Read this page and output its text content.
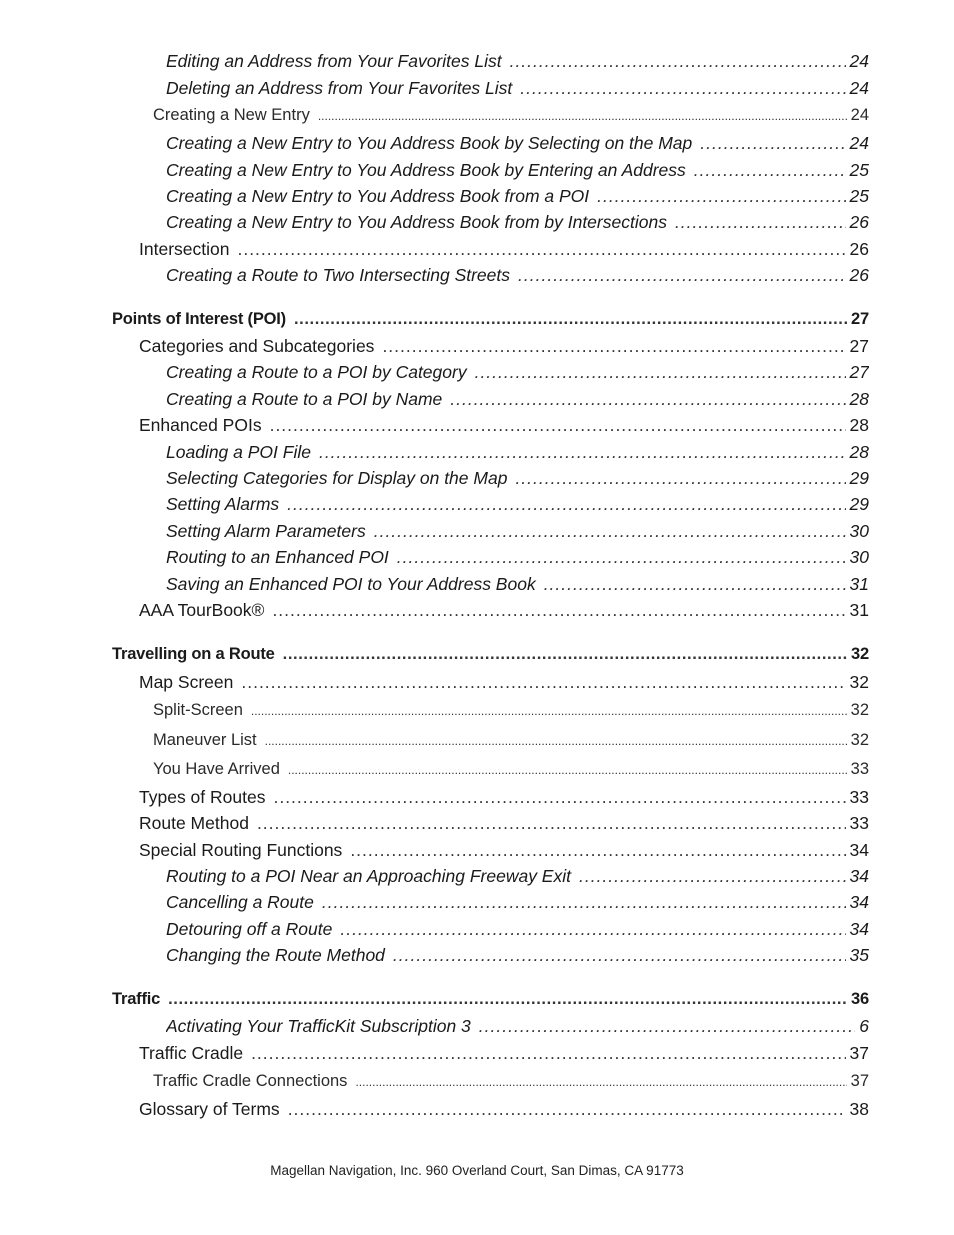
Editing an Address from Your Favorites List .....	24
Deleting an Address from Your Favorites List .....	24
Creating a New Entry .....	24
Creating a New Entry to You Address Book by Selecting on the Map .....	24
Creating a New Entry to You Address Book by Entering an Address .....	25
Creating a New Entry to You Address Book from a POI .....	25
Creating a New Entry to You Address Book from by Intersections .....	26
Intersection .....	26
Creating a Route to Two Intersecting Streets .....	26
Points of Interest (POI) .....	27
Categories and Subcategories .....	27
Creating a Route to a POI by Category .....	27
Creating a Route to a POI by Name .....	28
Enhanced POIs .....	28
Loading a POI File .....	28
Selecting Categories for Display on the Map .....	29
Setting Alarms .....	29
Setting Alarm Parameters .....	30
Routing to an Enhanced POI .....	30
Saving an Enhanced POI to Your Address Book .....	31
AAA TourBook® .....	31
Travelling on a Route .....	32
Map Screen .....	32
Split-Screen .....	32
Maneuver List .....	32
You Have Arrived .....	33
Types of Routes .....	33
Route Method .....	33
Special Routing Functions .....	34
Routing to a POI Near an Approaching Freeway Exit .....	34
Cancelling a Route .....	34
Detouring off a Route .....	34
Changing the Route Method .....	35
Traffic .....	36
Activating Your TrafficKit Subscription 3 .....	6
Traffic Cradle .....	37
Traffic Cradle Connections .....	37
Glossary of Terms .....	38
Magellan Navigation, Inc. 960 Overland Court, San Dimas, CA 91773
